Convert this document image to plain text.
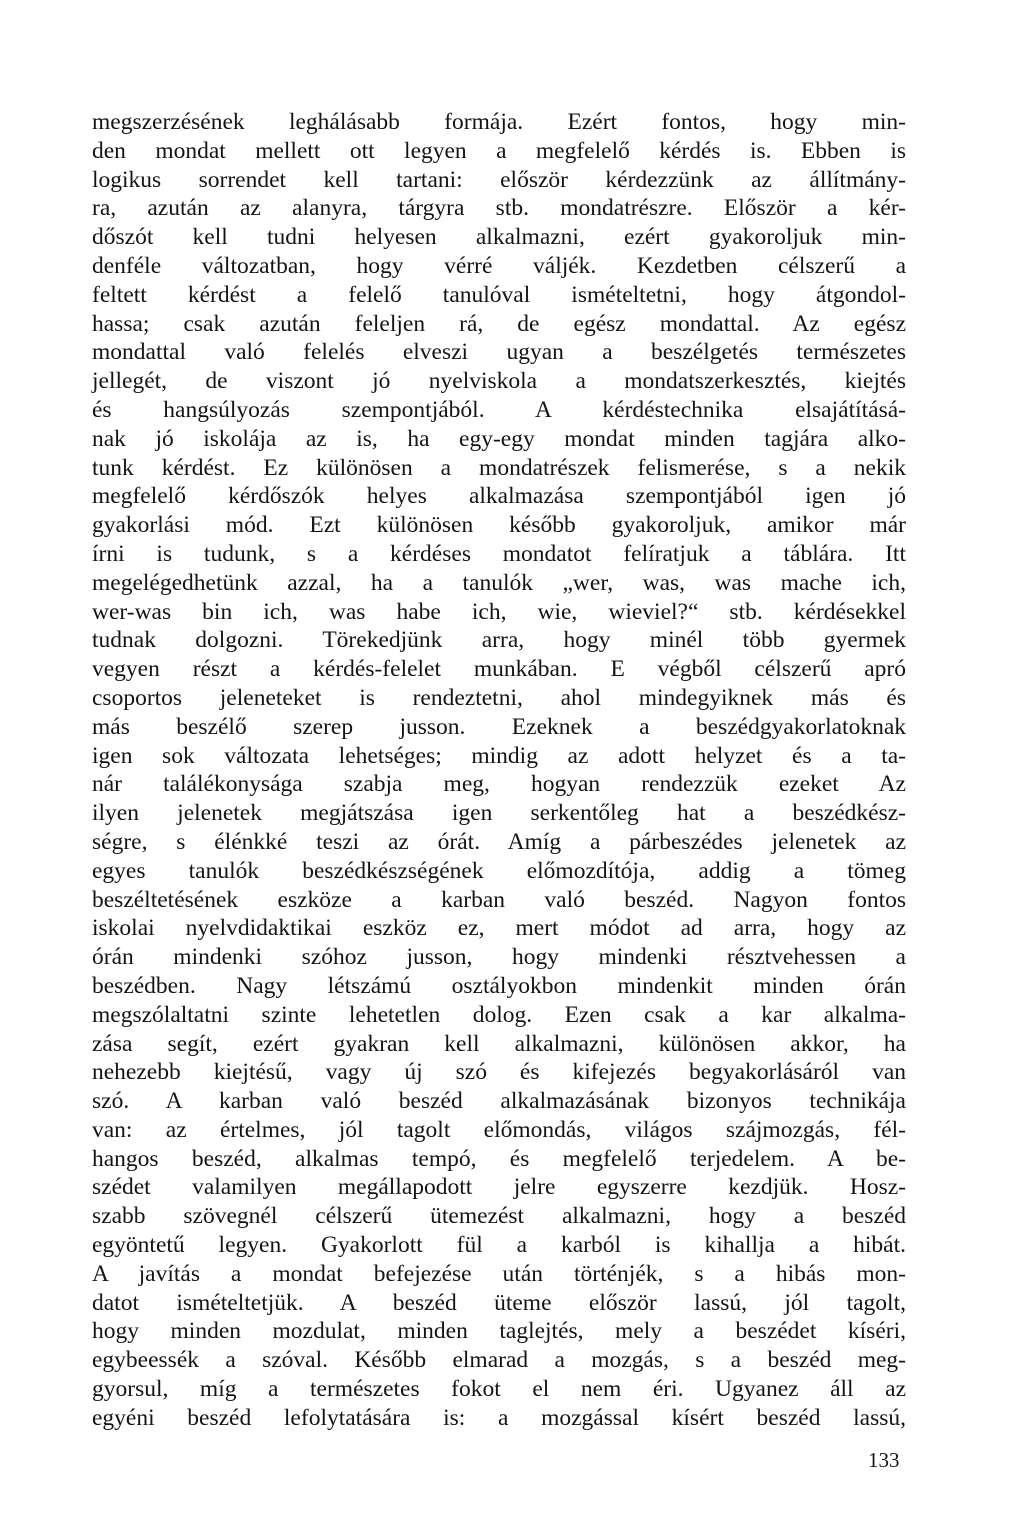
megszerzésének leghálásabb formája. Ezért fontos, hogy min-
den mondat mellett ott legyen a megfelelő kérdés is. Ebben is
logikus sorrendet kell tartani: először kérdezzünk az állítmány-
ra, azután az alanyra, tárgyra stb. mondatrészre. Először a kér-
dőszót kell tudni helyesen alkalmazni, ezért gyakoroljuk min-
denféle változatban, hogy vérré váljék. Kezdetben célszerű a
feltett kérdést a felelő tanulóval ismételtetni, hogy átgondol-
hassa; csak azután feleljen rá, de egész mondattal. Az egész
mondattal való felelés elveszi ugyan a beszélgetés természetes
jellegét, de viszont jó nyelviskola a mondatszerkesztés, kiejtés
és hangsúlyozás szempontjából. A kérdéstechnika elsajátításá-
nak jó iskolája az is, ha egy-egy mondat minden tagjára alko-
tunk kérdést. Ez különösen a mondatrészek felismerése, s a nekik
megfelelő kérdőszók helyes alkalmazása szempontjából igen jó
gyakorlási mód. Ezt különösen később gyakoroljuk, amikor már
írni is tudunk, s a kérdéses mondatot felíratjuk a táblára. Itt
megelégedhetünk azzal, ha a tanulók „wer, was, was mache ich,
wer-was bin ich, was habe ich, wie, wieviel?“ stb. kérdésekkel
tudnak dolgozni. Törekedjünk arra, hogy minél több gyermek
vegyen részt a kérdés-felelet munkában. E végből célszerű apró
csoportos jeleneteket is rendeztetni, ahol mindegyiknek más és
más beszélő szerep jusson. Ezeknek a beszédgyakorlatoknak
igen sok változata lehetséges; mindig az adott helyzet és a ta-
nár találékonysága szabja meg, hogyan rendezzük ezeket Az
ilyen jelenetek megjátszása igen serkentőleg hat a beszédkész-
ségre, s élénkké teszi az órát. Amíg a párbeszédes jelenetek az
egyes tanulók beszédkészségének előmozdítója, addig a tömeg
beszéltetésének eszköze a karban való beszéd. Nagyon fontos
iskolai nyelvdidaktikai eszköz ez, mert módot ad arra, hogy az
órán mindenki szóhoz jusson, hogy mindenki résztvehessen a
beszédben. Nagy létszámú osztályokbon mindenkit minden órán
megszólaltatni szinte lehetetlen dolog. Ezen csak a kar alkalma-
zása segít, ezért gyakran kell alkalmazni, különösen akkor, ha
nehezebb kiejtésű, vagy új szó és kifejezés begyakorlásáról van
szó. A karban való beszéd alkalmazásának bizonyos technikája
van: az értelmes, jól tagolt előmondás, világos szájmozgás, fél-
hangos beszéd, alkalmas tempó, és megfelelő terjedelem. A be-
szédet valamilyen megállapodott jelre egyszerre kezdjük. Hosz-
szabb szövegnél célszerű ütemezést alkalmazni, hogy a beszéd
egyöntetű legyen. Gyakorlott fül a karból is kihallja a hibát.
A javítás a mondat befejezése után történjék, s a hibás mon-
datot ismételtetjük. A beszéd üteme először lassú, jól tagolt,
hogy minden mozdulat, minden taglejtés, mely a beszédet kíséri,
egybeessék a szóval. Később elmarad a mozgás, s a beszéd meg-
gyorsul, míg a természetes fokot el nem éri. Ugyanez áll az
egyéni beszéd lefolytatására is: a mozgással kísért beszéd lassú,
133
